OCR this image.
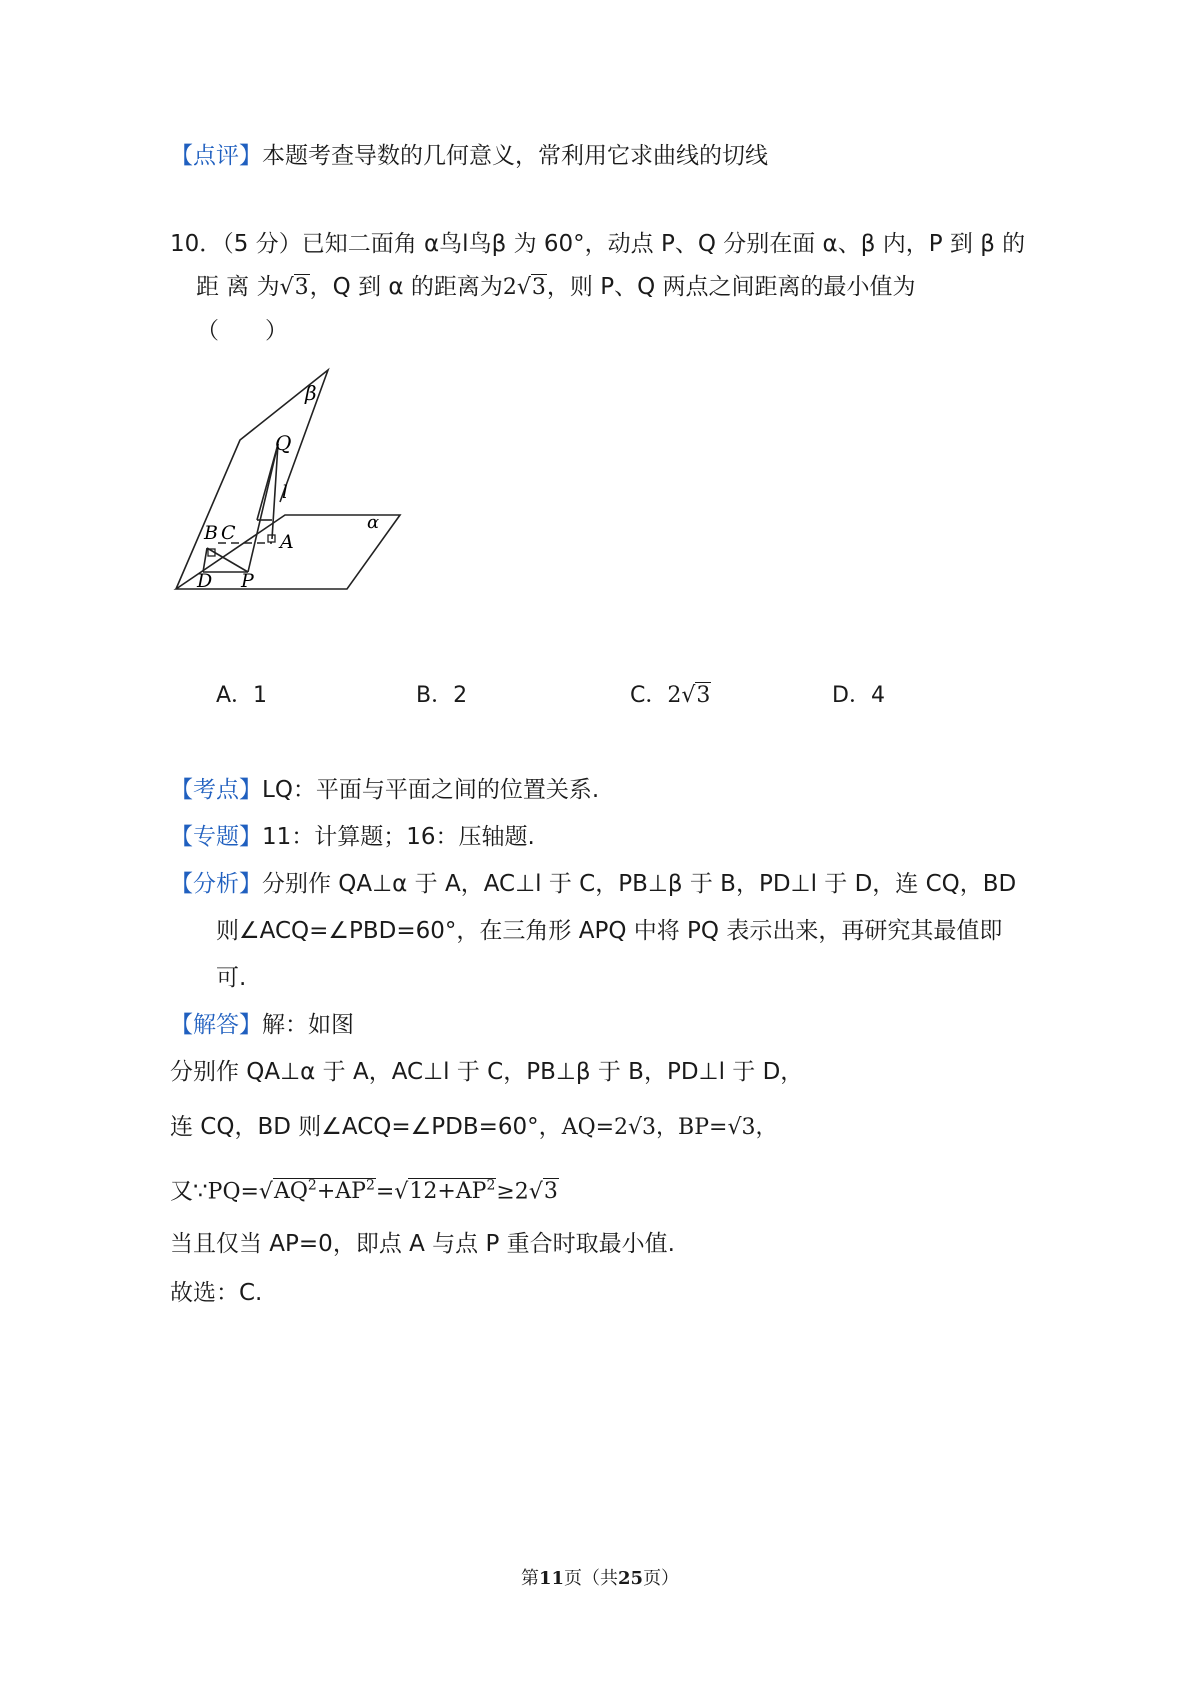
【点评】本题考查导数的几何意义，常利用它求曲线的切线
10．（5 分）已知二面角 α⻦l⻦β 为 60°，动点 P、Q 分别在面 α、β 内，P 到 β 的
距 离 为√3，Q 到 α 的距离为2√3，则 P、Q 两点之间距离的最小值为
（　　）
β
Q
l
α
B C A
D P
A．1	B．2	C．2√3	D．4
【考点】LQ：平面与平面之间的位置关系.
【专题】11：计算题；16：压轴题.
【分析】分别作 QA⊥α 于 A，AC⊥l 于 C，PB⊥β 于 B，PD⊥l 于 D，连 CQ，BD
则∠ACQ=∠PBD=60°，在三角形 APQ 中将 PQ 表示出来，再研究其最值即
可.
【解答】解：如图
分别作 QA⊥α 于 A，AC⊥l 于 C，PB⊥β 于 B，PD⊥l 于 D，
连 CQ，BD 则∠ACQ=∠PDB=60°，AQ=2√3，BP=√3，
又$\because PQ=√AQ^2+AP^2=√12+AP^2\ge 2√3$
当且仅当 AP=0，即点 A 与点 P 重合时取最小值.
故选：C.
第11页（共25页）
